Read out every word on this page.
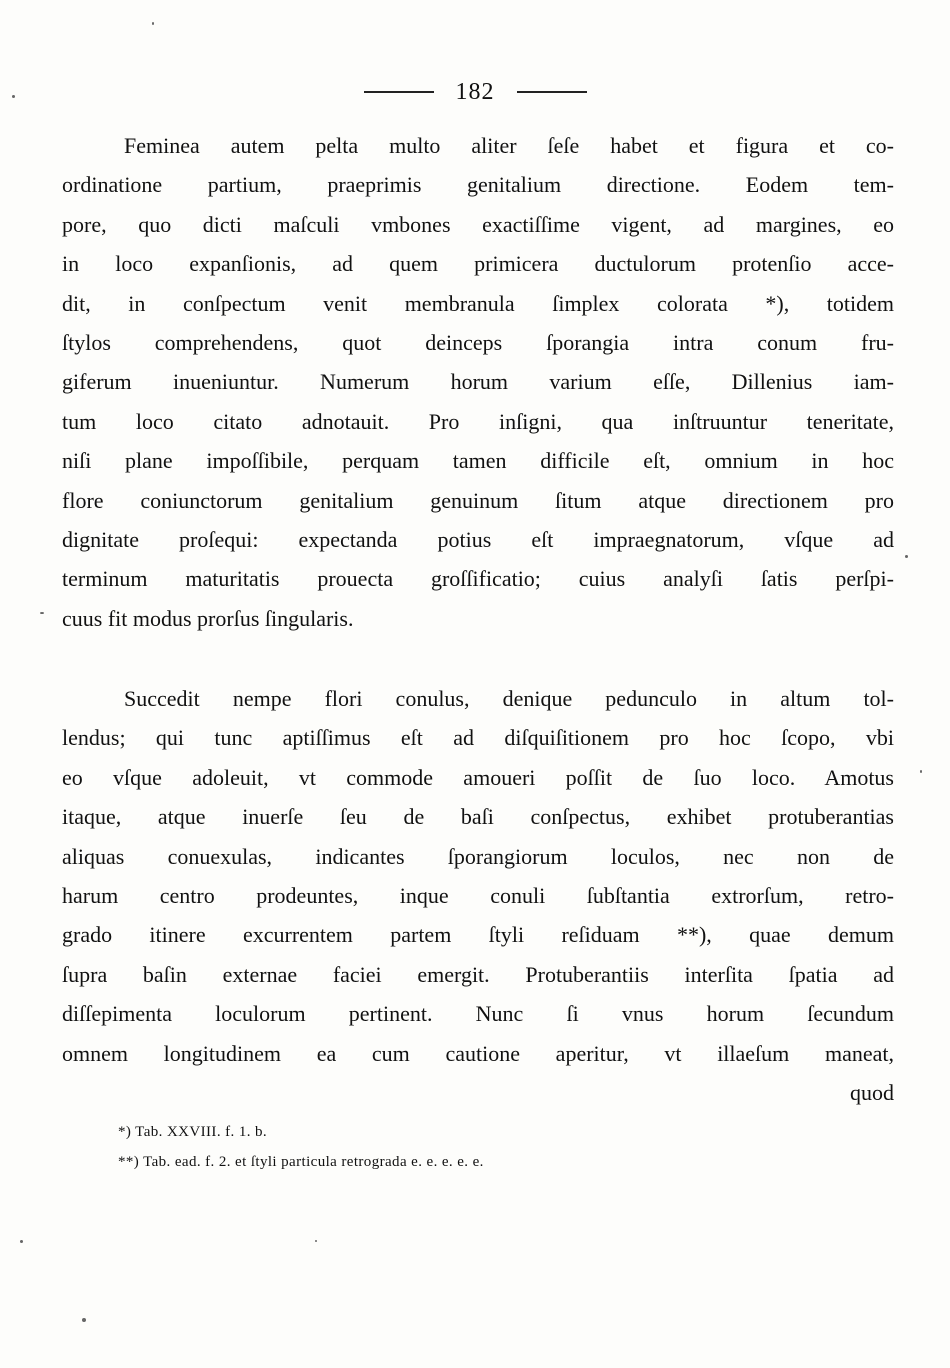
182
Feminea autem pelta multo aliter ſeſe habet et figura et co-
ordinatione partium, praeprimis genitalium directione. Eodem tem-
pore, quo dicti maſculi vmbones exactiſſime vigent, ad margines, eo
in loco expanſionis, ad quem primicera ductulorum protenſio acce-
dit, in conſpectum venit membranula ſimplex colorata *), totidem
ſtylos comprehendens, quot deinceps ſporangia intra conum fru-
giferum inueniuntur. Numerum horum varium eſſe, Dillenius iam-
tum loco citato adnotauit. Pro inſigni, qua inſtruuntur teneritate,
niſi plane impoſſibile, perquam tamen difficile eſt, omnium in hoc
flore coniunctorum genitalium genuinum ſitum atque directionem pro
dignitate proſequi: expectanda potius eſt impraegnatorum, vſque ad
terminum maturitatis prouecta groſſificatio; cuius analyſi ſatis perſpi-
cuus fit modus prorſus ſingularis.
Succedit nempe flori conulus, denique pedunculo in altum tol-
lendus; qui tunc aptiſſimus eſt ad diſquiſitionem pro hoc ſcopo, vbi
eo vſque adoleuit, vt commode amoueri poſſit de ſuo loco. Amotus
itaque, atque inuerſe ſeu de baſi conſpectus, exhibet protuberantias
aliquas conuexulas, indicantes ſporangiorum loculos, nec non de
harum centro prodeuntes, inque conuli ſubſtantia extrorſum, retro-
grado itinere excurrentem partem ſtyli reſiduam **), quae demum
ſupra baſin externae faciei emergit. Protuberantiis interſita ſpatia ad
diſſepimenta loculorum pertinent. Nunc ſi vnus horum ſecundum
omnem longitudinem ea cum cautione aperitur, vt illaeſum maneat,
quod
*) Tab. XXVIII. f. 1. b.
**) Tab. ead. f. 2. et ſtyli particula retrograda e. e. e. e. e.
